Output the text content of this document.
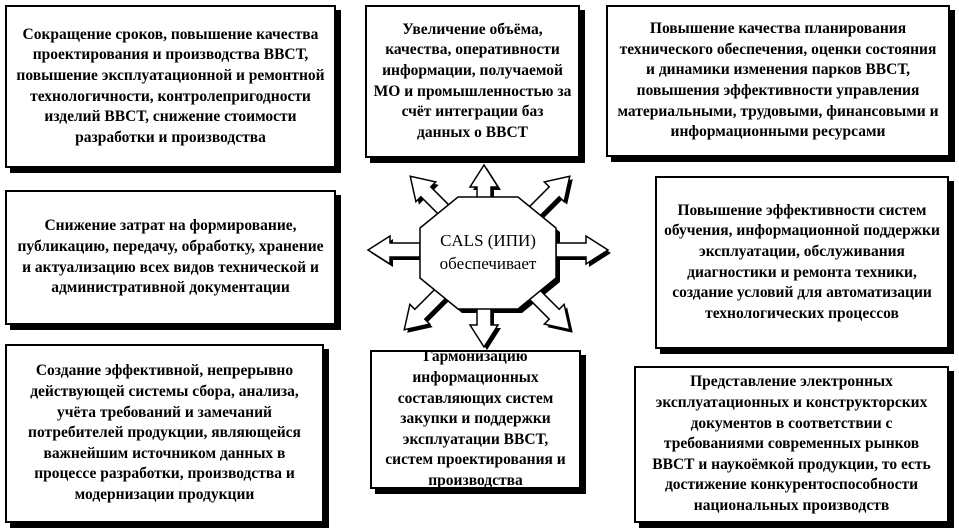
CALS (ИПИ)
обеспечивает
Сокращение сроков, повышение качества проектирования и производства ВВСТ, повышение эксплуатационной и ремонтной технологичности, контролепригодности изделий ВВСТ, снижение стоимости разработки и производства
Увеличение объёма, качества, оперативности информации, получаемой МО и промышленностью за счёт интеграции баз данных о ВВСТ
Повышение качества планирования технического обеспечения, оценки состояния и динамики изменения парков ВВСТ, повышения эффективности управления материальными, трудовыми, финансовыми и информационными ресурсами
Снижение затрат на формирование, публикацию, передачу, обработку, хранение и актуализацию всех видов технической и административной документации
Повышение эффективности систем обучения, информационной поддержки эксплуатации, обслуживания диагностики и ремонта техники, создание условий для автоматизации технологических процессов
Создание эффективной, непрерывно действующей системы сбора, анализа, учёта требований и замечаний потребителей продукции, являющейся важнейшим источником данных в процессе разработки, производства и модернизации продукции
Гармонизацию информационных составляющих систем закупки и поддержки эксплуатации ВВСТ, систем проектирования и производства
Представление электронных эксплуатационных и конструкторских документов в соответствии с требованиями современных рынков ВВСТ и наукоёмкой продукции, то есть достижение конкурентоспособности национальных производств
